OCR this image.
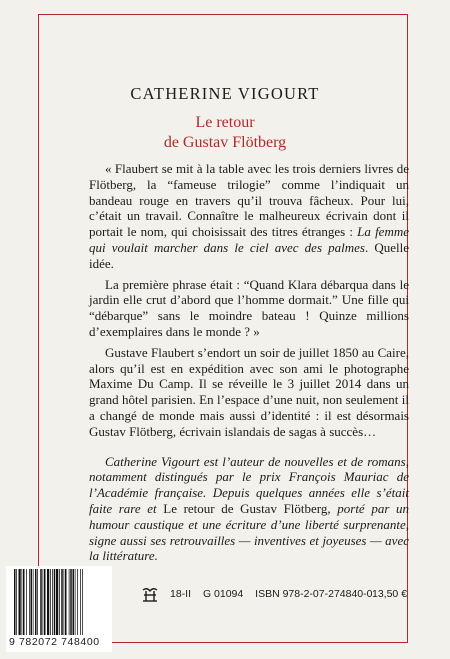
CATHERINE VIGOURT
Le retour
de Gustav Flötberg

« Flaubert se mit à la table avec les trois derniers livres de Flötberg, la “fameuse trilogie” comme l’indiquait un bandeau rouge en travers qu’il trouva fâcheux. Pour lui, c’était un travail. Connaître le malheureux écrivain dont il portait le nom, qui choisissait des titres étranges : La femme qui voulait marcher dans le ciel avec des palmes. Quelle idée.

La première phrase était : “Quand Klara débarqua dans le jardin elle crut d’abord que l’homme dormait.” Une fille qui “débarque” sans le moindre bateau ! Quinze millions d’exemplaires dans le monde ? »

Gustave Flaubert s’endort un soir de juillet 1850 au Caire, alors qu’il est en expédition avec son ami le photographe Maxime Du Camp. Il se réveille le 3 juillet 2014 dans un grand hôtel parisien. En l’espace d’une nuit, non seulement il a changé de monde mais aussi d’identité : il est désormais Gustav Flötberg, écrivain islandais de sagas à succès…

Catherine Vigourt est l’auteur de nouvelles et de romans, notamment distingués par le prix François Mauriac de l’Académie française. Depuis quelques années elle s’était faite rare et Le retour de Gustav Flötberg, porté par un humour caustique et une écriture d’une liberté surprenante, signe aussi ses retrouvailles — inventives et joyeuses — avec la littérature.

9 782072 748400
18-II G 01094 ISBN 978-2-07-274840-0 13,50 €
